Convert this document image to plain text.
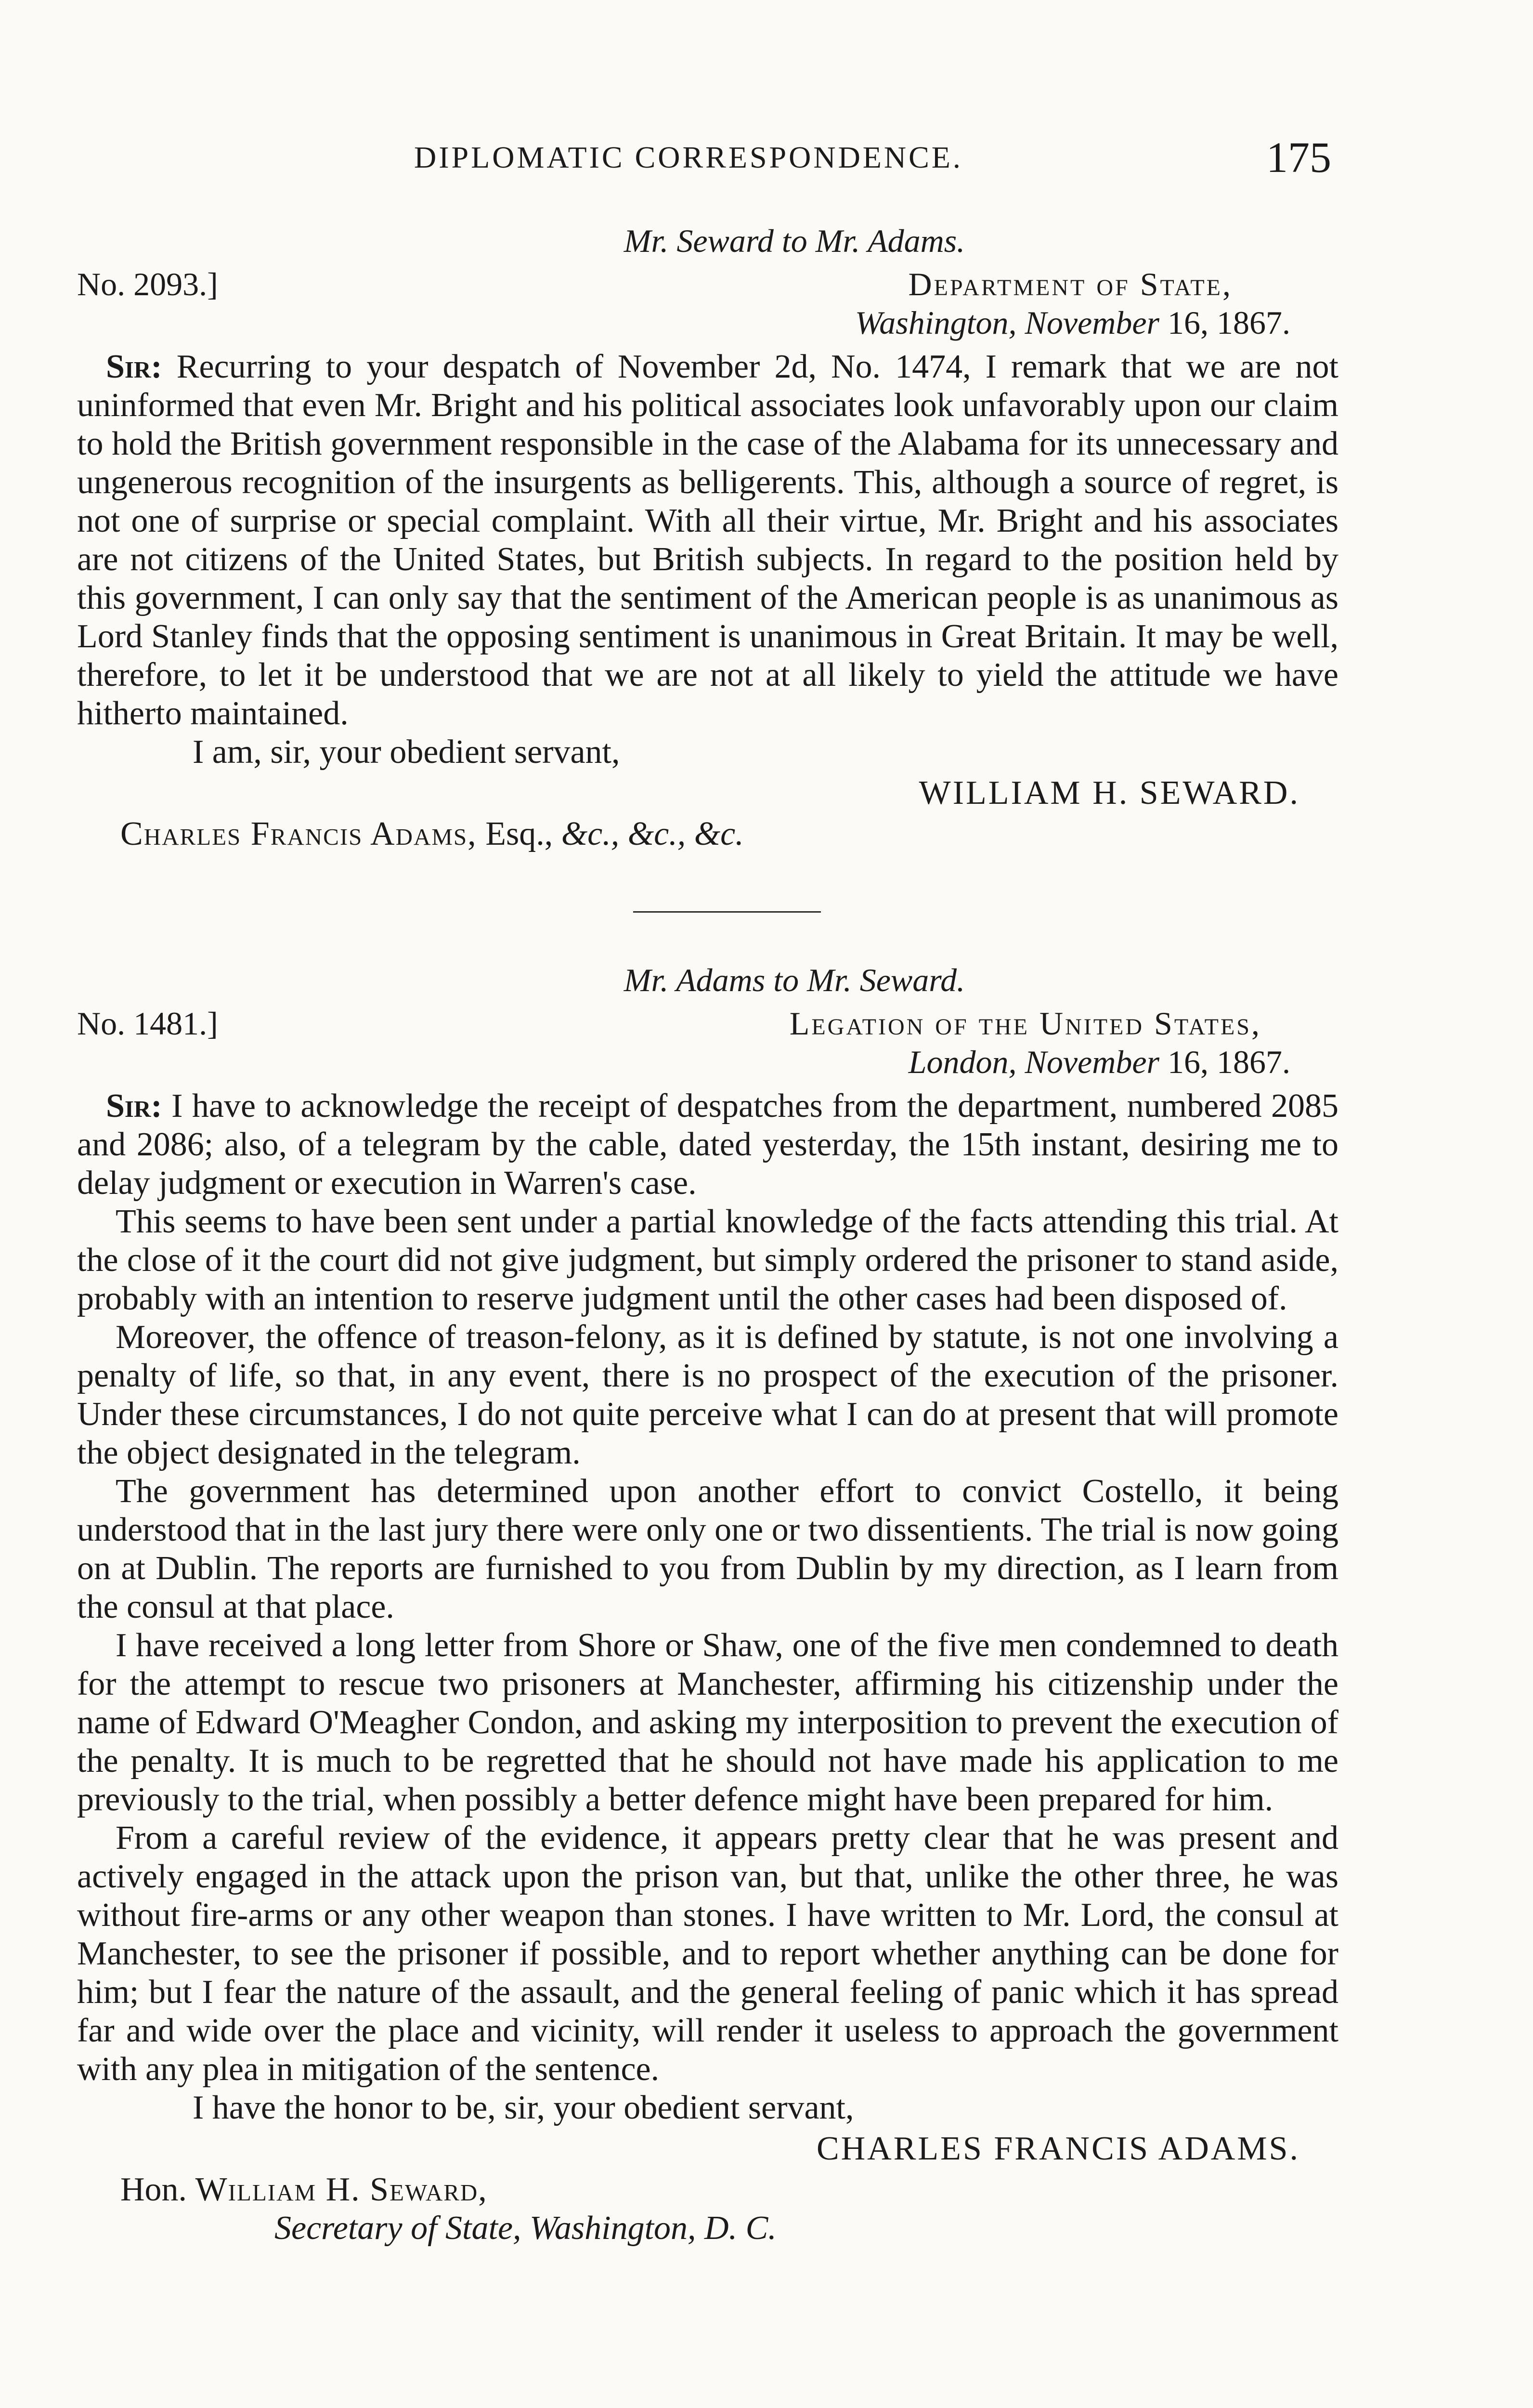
DIPLOMATIC CORRESPONDENCE.	175
Mr. Seward to Mr. Adams.
No. 2093.]	Department of State,
Washington, November 16, 1867.

Sir: Recurring to your despatch of November 2d, No. 1474, I remark that we are not uninformed that even Mr. Bright and his political associates look unfavorably upon our claim to hold the British government responsible in the case of the Alabama for its unnecessary and ungenerous recognition of the insurgents as belligerents. This, although a source of regret, is not one of surprise or special complaint. With all their virtue, Mr. Bright and his associates are not citizens of the United States, but British subjects. In regard to the position held by this government, I can only say that the sentiment of the American people is as unanimous as Lord Stanley finds that the opposing sentiment is unanimous in Great Britain. It may be well, therefore, to let it be understood that we are not at all likely to yield the attitude we have hitherto maintained.

I am, sir, your obedient servant,
WILLIAM H. SEWARD.
Charles Francis Adams, Esq., &c., &c., &c.
Mr. Adams to Mr. Seward.
No. 1481.]	Legation of the United States,
London, November 16, 1867.

Sir: I have to acknowledge the receipt of despatches from the department, numbered 2085 and 2086; also, of a telegram by the cable, dated yesterday, the 15th instant, desiring me to delay judgment or execution in Warren's case.

This seems to have been sent under a partial knowledge of the facts attending this trial. At the close of it the court did not give judgment, but simply ordered the prisoner to stand aside, probably with an intention to reserve judgment until the other cases had been disposed of.

Moreover, the offence of treason-felony, as it is defined by statute, is not one involving a penalty of life, so that, in any event, there is no prospect of the execution of the prisoner. Under these circumstances, I do not quite perceive what I can do at present that will promote the object designated in the telegram.

The government has determined upon another effort to convict Costello, it being understood that in the last jury there were only one or two dissentients. The trial is now going on at Dublin. The reports are furnished to you from Dublin by my direction, as I learn from the consul at that place.

I have received a long letter from Shore or Shaw, one of the five men condemned to death for the attempt to rescue two prisoners at Manchester, affirming his citizenship under the name of Edward O'Meagher Condon, and asking my interposition to prevent the execution of the penalty. It is much to be regretted that he should not have made his application to me previously to the trial, when possibly a better defence might have been prepared for him.

From a careful review of the evidence, it appears pretty clear that he was present and actively engaged in the attack upon the prison van, but that, unlike the other three, he was without fire-arms or any other weapon than stones. I have written to Mr. Lord, the consul at Manchester, to see the prisoner if possible, and to report whether anything can be done for him; but I fear the nature of the assault, and the general feeling of panic which it has spread far and wide over the place and vicinity, will render it useless to approach the government with any plea in mitigation of the sentence.

I have the honor to be, sir, your obedient servant,
CHARLES FRANCIS ADAMS.
Hon. William H. Seward,
Secretary of State, Washington, D. C.
